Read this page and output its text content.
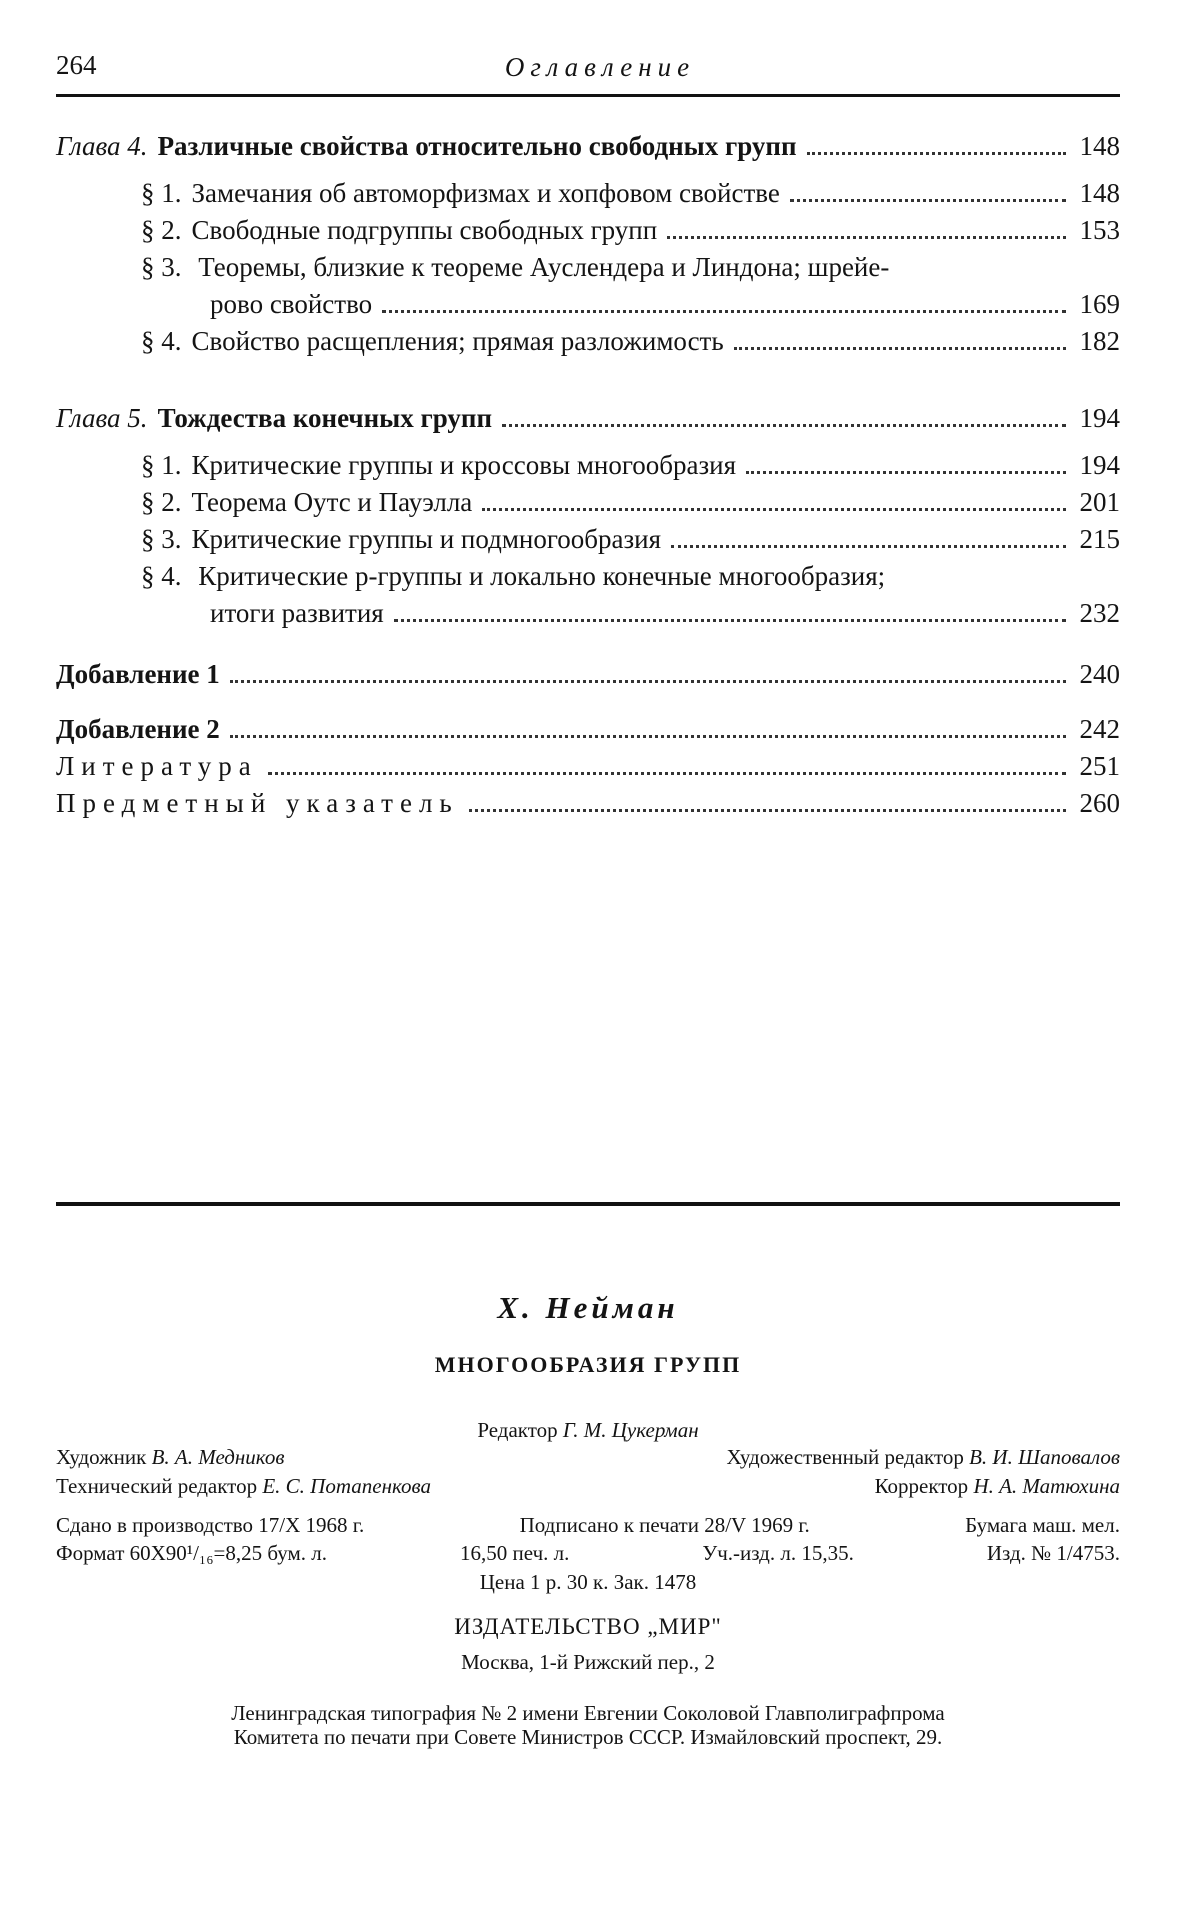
264	Оглавление
Глава 4. Различные свойства относительно свободных групп	148
§ 1. Замечания об автоморфизмах и хопфовом свойстве	148
§ 2. Свободные подгруппы свободных групп	153
§ 3. Теоремы, близкие к теореме Ауслендера и Линдона; шрейе-
рово свойство	169
§ 4. Свойство расщепления; прямая разложимость	182
Глава 5. Тождества конечных групп	194
§ 1. Критические группы и кроссовы многообразия	194
§ 2. Теорема Оутс и Пауэлла	201
§ 3. Критические группы и подмногообразия	215
§ 4. Критические p-группы и локально конечные многообразия;
итоги развития	232
Добавление 1	240
Добавление 2	242
Литература	251
Предметный указатель	260

Х. Нейман

МНОГООБРАЗИЯ ГРУПП
Редактор Г. М. Цукерман
Художник В. А. Медников	Художественный редактор В. И. Шаповалов
Технический редактор Е. С. Потапенкова	Корректор Н. А. Матюхина
Сдано в производство 17/X 1968 г.	Подписано к печати 28/V 1969 г.	Бумага маш. мел.
Формат 60X90¹/₁₆=8,25 бум. л.	16,50 печ. л.	Уч.-изд. л. 15,35.	Изд. № 1/4753.
Цена 1 р. 30 к. Зак. 1478
ИЗДАТЕЛЬСТВО „МИР"
Москва, 1-й Рижский пер., 2
Ленинградская типография № 2 имени Евгении Соколовой Главполиграфпрома
Комитета по печати при Совете Министров СССР. Измайловский проспект, 29.
